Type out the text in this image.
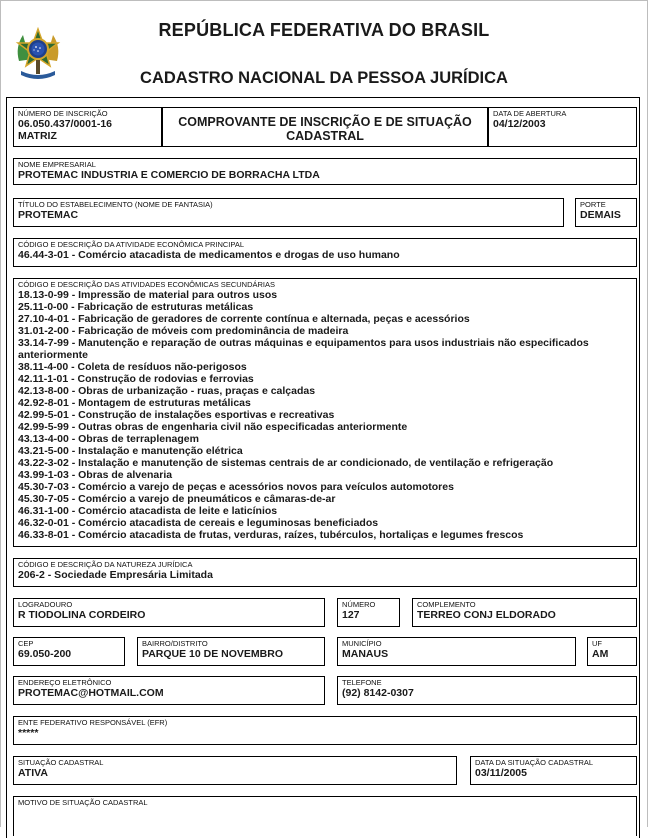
REPÚBLICA FEDERATIVA DO BRASIL
CADASTRO NACIONAL DA PESSOA JURÍDICA
NÚMERO DE INSCRIÇÃO
06.050.437/0001-16
MATRIZ
COMPROVANTE DE INSCRIÇÃO E DE SITUAÇÃO
CADASTRAL
DATA DE ABERTURA
04/12/2003
NOME EMPRESARIAL
PROTEMAC INDUSTRIA E COMERCIO DE BORRACHA LTDA
TÍTULO DO ESTABELECIMENTO (NOME DE FANTASIA)
PROTEMAC
PORTE
DEMAIS
CÓDIGO E DESCRIÇÃO DA ATIVIDADE ECONÔMICA PRINCIPAL
46.44-3-01 - Comércio atacadista de medicamentos e drogas de uso humano
CÓDIGO E DESCRIÇÃO DAS ATIVIDADES ECONÔMICAS SECUNDÁRIAS
18.13-0-99 - Impressão de material para outros usos
25.11-0-00 - Fabricação de estruturas metálicas
27.10-4-01 - Fabricação de geradores de corrente contínua e alternada, peças e acessórios
31.01-2-00 - Fabricação de móveis com predominância de madeira
33.14-7-99 - Manutenção e reparação de outras máquinas e equipamentos para usos industriais não especificados anteriormente
38.11-4-00 - Coleta de resíduos não-perigosos
42.11-1-01 - Construção de rodovias e ferrovias
42.13-8-00 - Obras de urbanização - ruas, praças e calçadas
42.92-8-01 - Montagem de estruturas metálicas
42.99-5-01 - Construção de instalações esportivas e recreativas
42.99-5-99 - Outras obras de engenharia civil não especificadas anteriormente
43.13-4-00 - Obras de terraplenagem
43.21-5-00 - Instalação e manutenção elétrica
43.22-3-02 - Instalação e manutenção de sistemas centrais de ar condicionado, de ventilação e refrigeração
43.99-1-03 - Obras de alvenaria
45.30-7-03 - Comércio a varejo de peças e acessórios novos para veículos automotores
45.30-7-05 - Comércio a varejo de pneumáticos e câmaras-de-ar
46.31-1-00 - Comércio atacadista de leite e laticínios
46.32-0-01 - Comércio atacadista de cereais e leguminosas beneficiados
46.33-8-01 - Comércio atacadista de frutas, verduras, raízes, tubérculos, hortaliças e legumes frescos
CÓDIGO E DESCRIÇÃO DA NATUREZA JURÍDICA
206-2 - Sociedade Empresária Limitada
LOGRADOURO
R TIODOLINA CORDEIRO
NÚMERO
127
COMPLEMENTO
TERREO CONJ ELDORADO
CEP
69.050-200
BAIRRO/DISTRITO
PARQUE 10 DE NOVEMBRO
MUNICÍPIO
MANAUS
UF
AM
ENDEREÇO ELETRÔNICO
PROTEMAC@HOTMAIL.COM
TELEFONE
(92) 8142-0307
ENTE FEDERATIVO RESPONSÁVEL (EFR)
*****
SITUAÇÃO CADASTRAL
ATIVA
DATA DA SITUAÇÃO CADASTRAL
03/11/2005
MOTIVO DE SITUAÇÃO CADASTRAL
